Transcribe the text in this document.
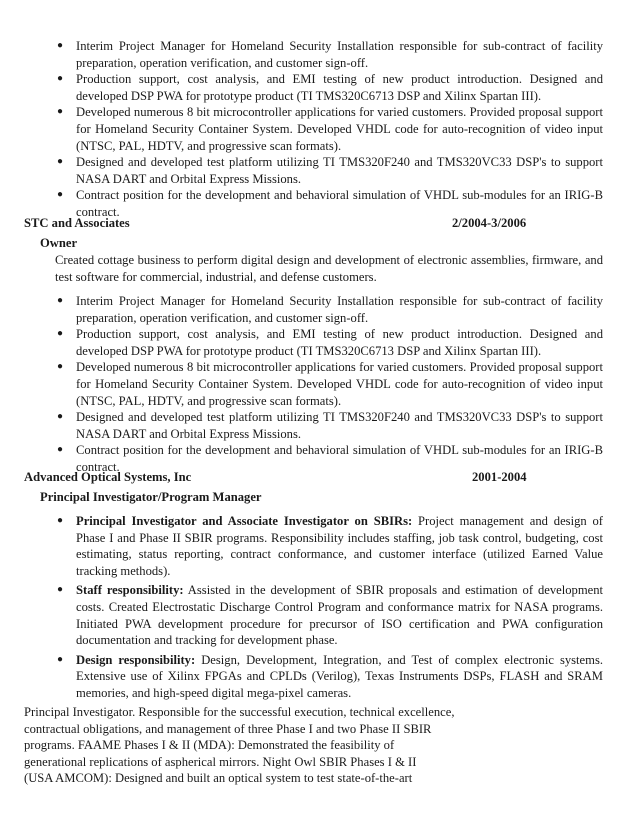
● Interim Project Manager for Homeland Security Installation responsible for sub-contract of facility preparation, operation verification, and customer sign-off.
● Production support, cost analysis, and EMI testing of new product introduction. Designed and developed DSP PWA for prototype product (TI TMS320C6713 DSP and Xilinx Spartan III).
● Developed numerous 8 bit microcontroller applications for varied customers. Provided proposal support for Homeland Security Container System. Developed VHDL code for auto-recognition of video input (NTSC, PAL, HDTV, and progressive scan formats).
● Designed and developed test platform utilizing TI TMS320F240 and TMS320VC33 DSP's to support NASA DART and Orbital Express Missions.
● Contract position for the development and behavioral simulation of VHDL sub-modules for an IRIG-B contract.
STC and Associates	2/2004-3/2006
Owner
Created cottage business to perform digital design and development of electronic assemblies, firmware, and test software for commercial, industrial, and defense customers.
● Interim Project Manager for Homeland Security Installation responsible for sub-contract of facility preparation, operation verification, and customer sign-off.
● Production support, cost analysis, and EMI testing of new product introduction. Designed and developed DSP PWA for prototype product (TI TMS320C6713 DSP and Xilinx Spartan III).
● Developed numerous 8 bit microcontroller applications for varied customers. Provided proposal support for Homeland Security Container System. Developed VHDL code for auto-recognition of video input (NTSC, PAL, HDTV, and progressive scan formats).
● Designed and developed test platform utilizing TI TMS320F240 and TMS320VC33 DSP's to support NASA DART and Orbital Express Missions.
● Contract position for the development and behavioral simulation of VHDL sub-modules for an IRIG-B contract.
Advanced Optical Systems, Inc	2001-2004
Principal Investigator/Program Manager
● Principal Investigator and Associate Investigator on SBIRs: Project management and design of Phase I and Phase II SBIR programs. Responsibility includes staffing, job task control, budgeting, cost estimating, status reporting, contract conformance, and customer interface (utilized Earned Value tracking methods).
● Staff responsibility: Assisted in the development of SBIR proposals and estimation of development costs. Created Electrostatic Discharge Control Program and conformance matrix for NASA programs. Initiated PWA development procedure for precursor of ISO certification and PWA configuration documentation and tracking for development phase.
● Design responsibility: Design, Development, Integration, and Test of complex electronic systems. Extensive use of Xilinx FPGAs and CPLDs (Verilog), Texas Instruments DSPs, FLASH and SRAM memories, and high-speed digital mega-pixel cameras.
Principal Investigator. Responsible for the successful execution, technical excellence,
contractual obligations, and management of three Phase I and two Phase II SBIR
programs. FAAME Phases I & II (MDA): Demonstrated the feasibility of
generational replications of aspherical mirrors. Night Owl SBIR Phases I & II
(USA AMCOM): Designed and built an optical system to test state-of-the-art
